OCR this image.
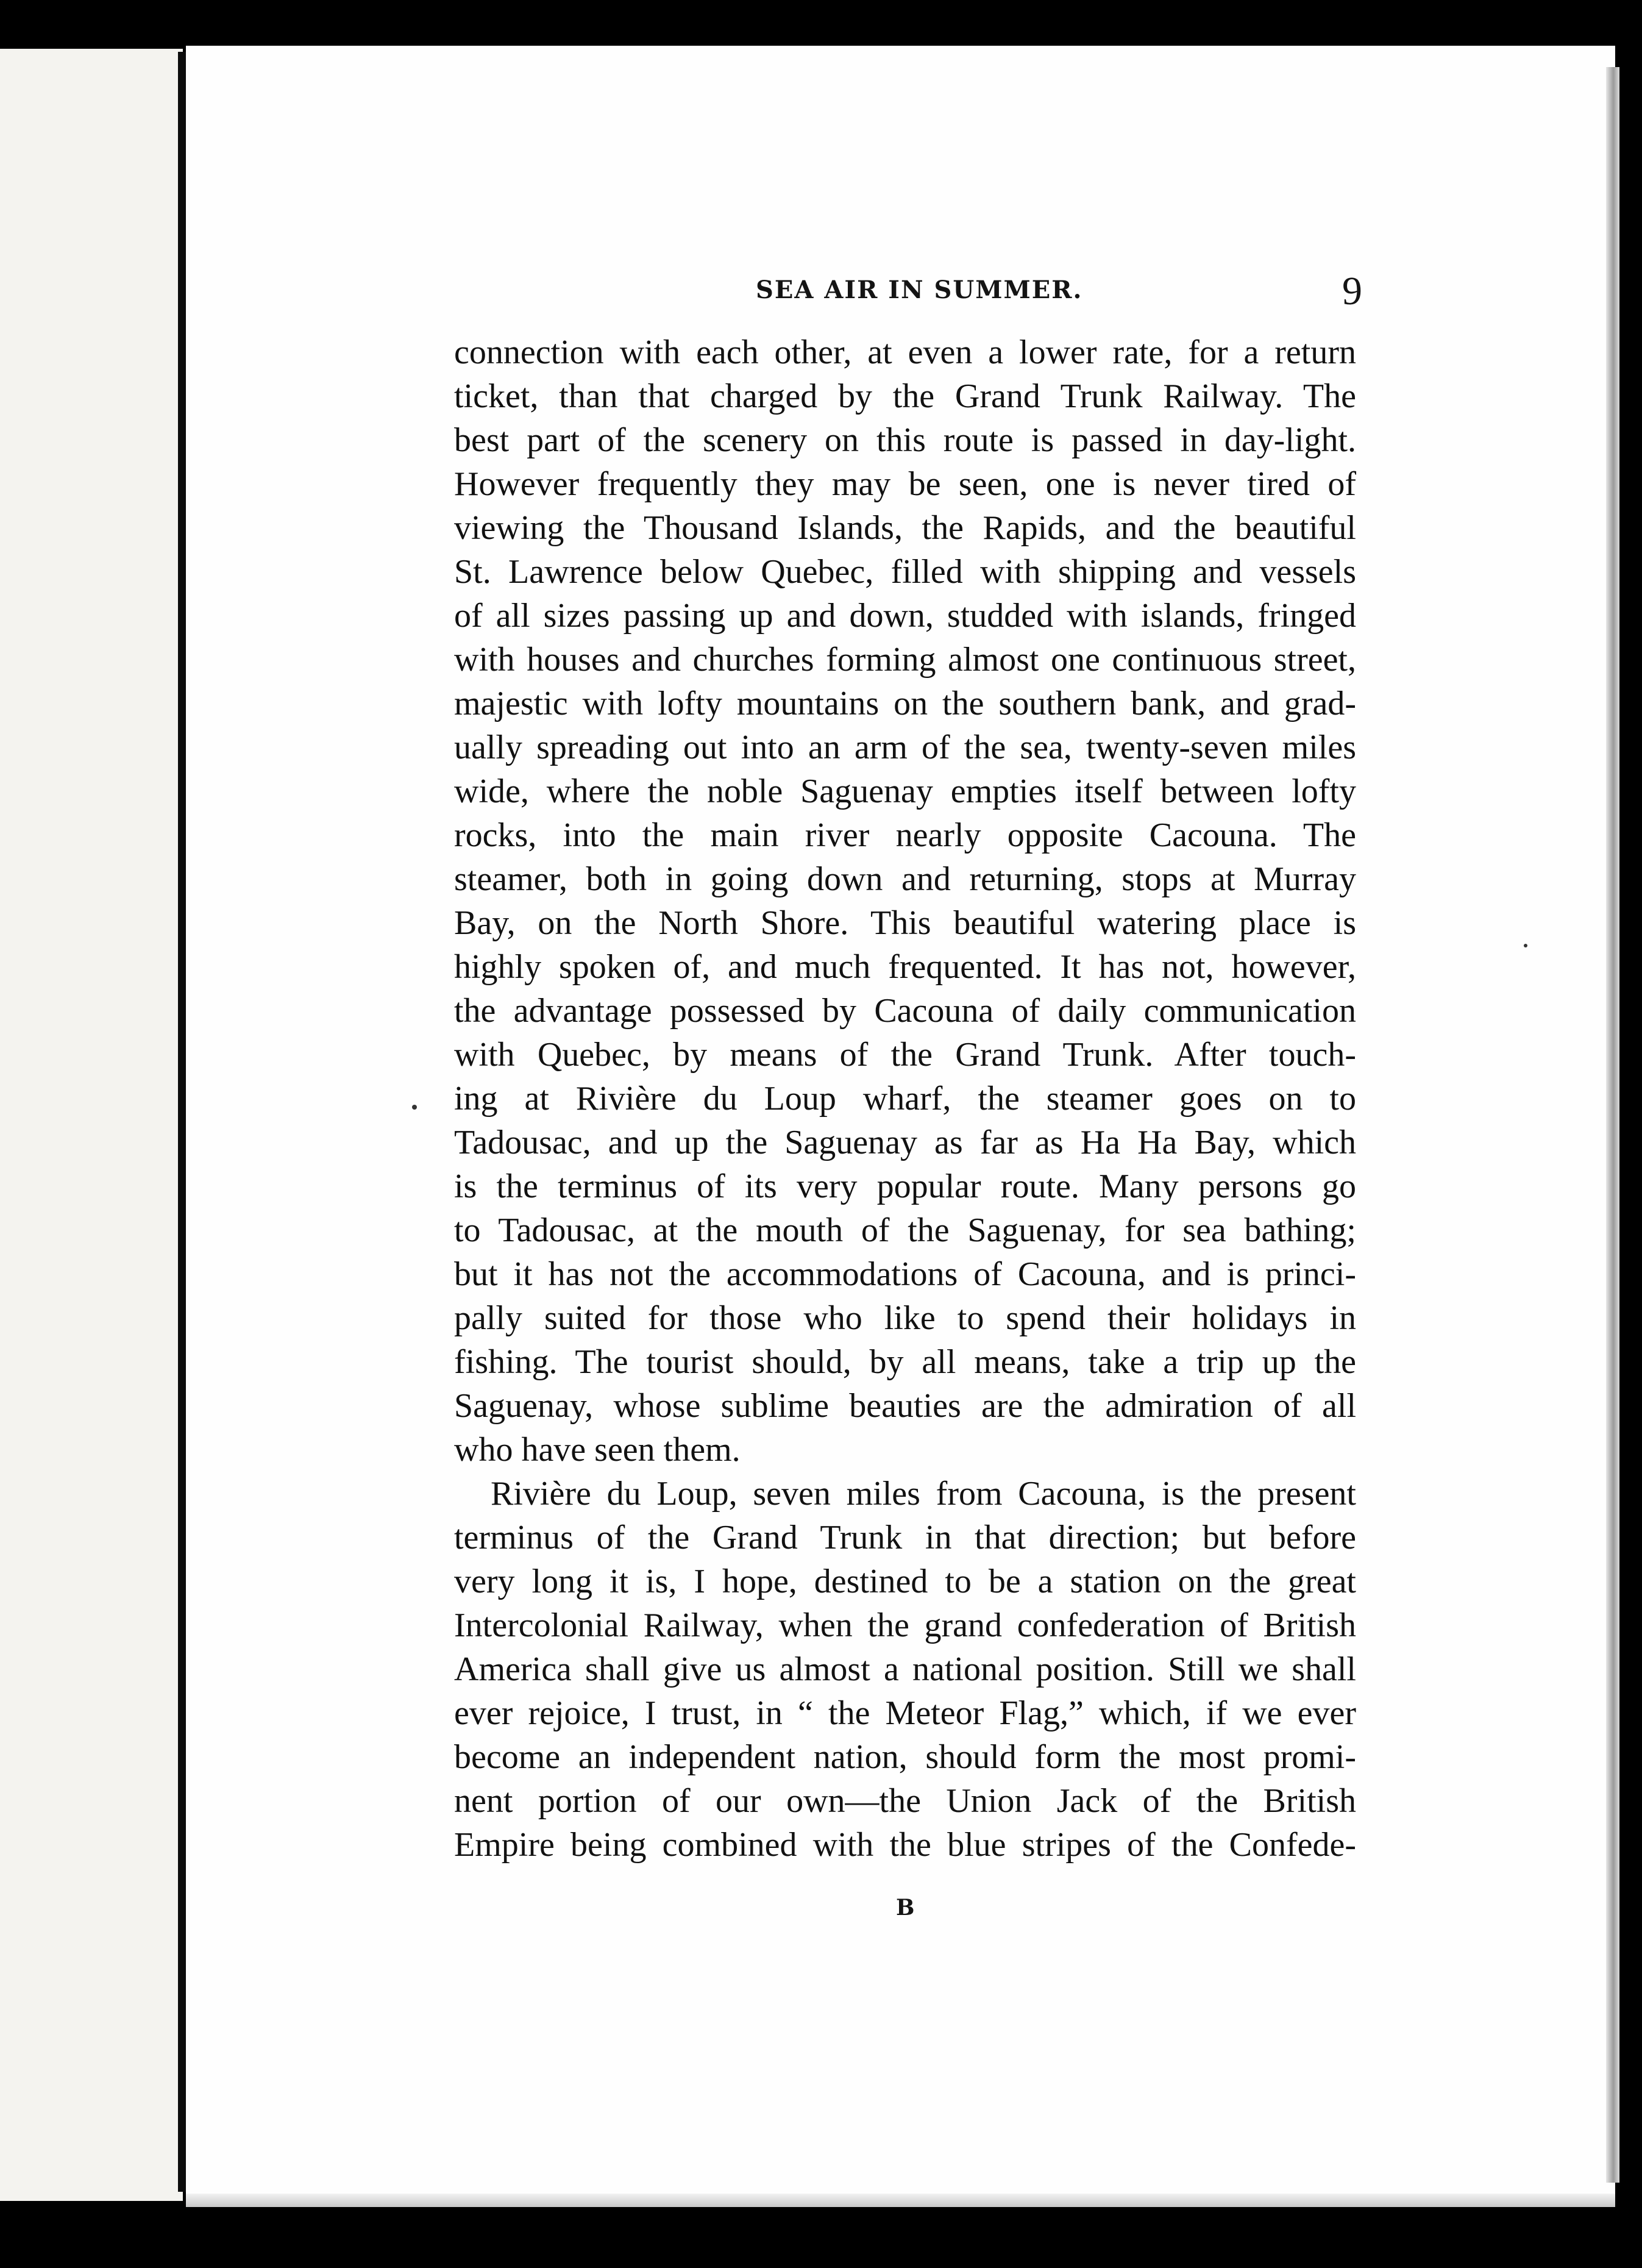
SEA AIR IN SUMMER.	9
connection with each other, at even a lower rate, for a return
ticket, than that charged by the Grand Trunk Railway. The
best part of the scenery on this route is passed in day-light.
However frequently they may be seen, one is never tired of
viewing the Thousand Islands, the Rapids, and the beautiful
St. Lawrence below Quebec, filled with shipping and vessels
of all sizes passing up and down, studded with islands, fringed
with houses and churches forming almost one continuous street,
majestic with lofty mountains on the southern bank, and grad-
ually spreading out into an arm of the sea, twenty-seven miles
wide, where the noble Saguenay empties itself between lofty
rocks, into the main river nearly opposite Cacouna. The
steamer, both in going down and returning, stops at Murray
Bay, on the North Shore. This beautiful watering place is
highly spoken of, and much frequented. It has not, however,
the advantage possessed by Cacouna of daily communication
with Quebec, by means of the Grand Trunk. After touch-
ing at Rivière du Loup wharf, the steamer goes on to
Tadousac, and up the Saguenay as far as Ha Ha Bay, which
is the terminus of its very popular route. Many persons go
to Tadousac, at the mouth of the Saguenay, for sea bathing;
but it has not the accommodations of Cacouna, and is princi-
pally suited for those who like to spend their holidays in
fishing. The tourist should, by all means, take a trip up the
Saguenay, whose sublime beauties are the admiration of all
who have seen them.
Rivière du Loup, seven miles from Cacouna, is the present
terminus of the Grand Trunk in that direction; but before
very long it is, I hope, destined to be a station on the great
Intercolonial Railway, when the grand confederation of British
America shall give us almost a national position. Still we shall
ever rejoice, I trust, in “ the Meteor Flag,” which, if we ever
become an independent nation, should form the most promi-
nent portion of our own—the Union Jack of the British
Empire being combined with the blue stripes of the Confede-
B
